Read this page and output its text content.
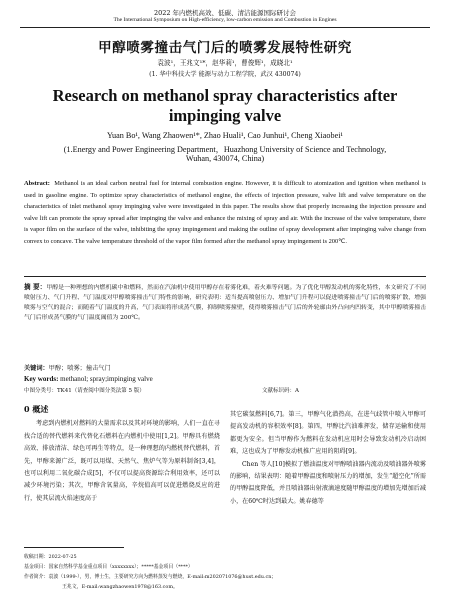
2022 年内燃机高效、低碳、清洁能源国际研讨会
The International Symposium on High-efficiency, low-carbon emission and Combustion in Engines
甲醇喷雾撞击气门后的喷雾发展特性研究
袁波¹，王兆文¹*，赵华莉¹，曹俊辉¹，成晓北¹
(1. 华中科技大学 能源与动力工程学院，武汉 430074)
Research on methanol spray characteristics after impinging valve
Yuan Bo¹, Wang Zhaowen¹*, Zhao Huali¹, Cao Junhui¹, Cheng Xiaobei¹
(1.Energy and Power Engineering Department，Huazhong University of Science and Technology,
Wuhan, 430074, China)
Abstract: Methanol is an ideal carbon neutral fuel for internal combustion engine. However, it is difficult to atomization and ignition when methanol is used in gasoline engine. To optimize spray characteristics of methanol engine, the effects of injection pressure, valve lift and valve temperature on the characteristics of inlet methanol spray impinging valve were investigated in this paper. The results show that properly increasing the injection pressure and valve lift can promote the spray spread after impinging the valve and enhance the mixing of spray and air. With the increase of the valve temperature, there is vapor film on the surface of the valve, inhibiting the spray impingement and making the outline of spray development after impinging valve change from convex to concave. The valve temperature threshold of the vapor film formed after the methanol spray impingement is 200℃.
摘 要：甲醇是一种理想的内燃机碳中和燃料，然而在汽油机中使用甲醇存在着雾化难，着火难等问题。为了优化甲醇发动机的雾化特性，本文研究了不同喷射压力、气门升程、气门温度对甲醇喷雾撞击气门特性的影响，研究表明：适当提高喷射压力、增加气门升程可以促进喷雾撞击气门后的喷雾扩散，增强喷雾与空气的混合；而随着气门温度的升高，气门表面将形成蒸气膜，抑制喷雾撞壁，使得喷雾撞击气门后的外轮廓由外凸向内凹转变，其中甲醇喷雾撞击气门后形成蒸气膜的气门温度阈值为 200℃。
关键词：甲醇；喷雾；撞击气门
Key words: methanol; spray;impinging valve
中图分类号：TK41（请查阅中图分类法第 5 版）	文献标识码：A
0 概述

考虑到内燃机对燃料的大量需求以及其对环境的影响，人们一直在寻找合适的替代燃料来代替化石燃料在内燃机中使用[1,2]。甲醇具有燃烧高效、排放清洁、绿色可再生等特点，是一种理想的内燃机替代燃料，首先，甲醇来源广泛，既可以用煤、天然气、焦炉气等为原料制备[3,4]，也可以利用二氧化碳合成[5]，不仅可以提高资源综合利用效率，还可以减少环境污染；其次，甲醇含氧量高，辛烷值高可以促进燃烧反应的进行，使其层流火焰速度高于

其它碳氢燃料[6,7]。第三，甲醇气化潜热高，在进气歧管中喷入甲醇可提高发动机的容积效率[8]。第四，甲醇比汽油难挥发，储存运输和使用都更为安全。但当甲醇作为燃料在发动机应用时会导致发动机冷启动困难，这也成为了甲醇发动机推广应用的阻碍[9]。

Chen 等人[10]模拟了燃油温度对甲醇喷油器内流动及喷油器外喷雾的影响，结果表明：随着甲醇温度和喷射压力的增加，发生“超空化”所需的甲醇温度降低，并且喷油器出射液滴速度随甲醇温度的增加先增加后减小，在60℃时达到最大。姚春德等

收稿日期：2022-07-25
基金项目：国家自然科学基金重点项目（xxxxxxxx）；*****基金项目（****）
作者简介：袁波（1999-），男，博士生，主要研究方向为燃料蒸发与燃烧，E-mail:m202071076@hust.edu.cn；
王兆文，E-mail:wangzhaowen1978@163.com。
